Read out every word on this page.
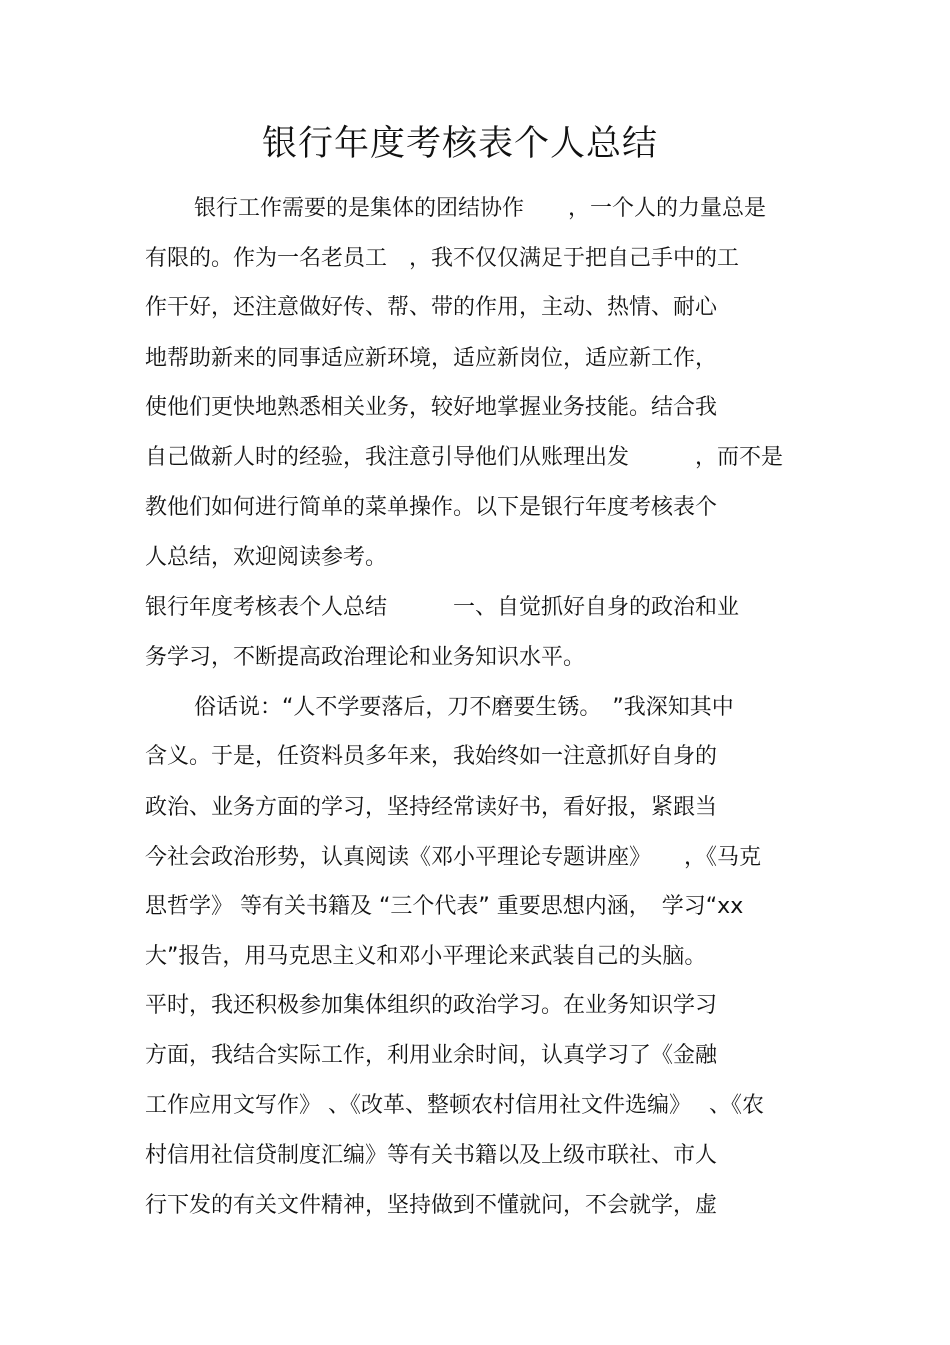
银行年度考核表个人总结
银行工作需要的是集体的团结协作　　，一个人的力量总是
有限的。作为一名老员工　，我不仅仅满足于把自己手中的工
作干好，还注意做好传、帮、带的作用，主动、热情、耐心
地帮助新来的同事适应新环境，适应新岗位，适应新工作，
使他们更快地熟悉相关业务，较好地掌握业务技能。结合我
自己做新人时的经验，我注意引导他们从账理出发　　　，而不是
教他们如何进行简单的菜单操作。以下是银行年度考核表个
人总结，欢迎阅读参考。
银行年度考核表个人总结　　　一、自觉抓好自身的政治和业
务学习，不断提高政治理论和业务知识水平。
俗话说：“人不学要落后，刀不磨要生锈。　”我深知其中
含义。于是，任资料员多年来，我始终如一注意抓好自身的
政治、业务方面的学习，坚持经常读好书，看好报，紧跟当
今社会政治形势，认真阅读《邓小平理论专题讲座》　　，《马克
思哲学》 等有关书籍及 “三个代表” 重要思想内涵，　学习“xx
大”报告，用马克思主义和邓小平理论来武装自己的头脑。
平时，我还积极参加集体组织的政治学习。在业务知识学习
方面，我结合实际工作，利用业余时间，认真学习了《金融
工作应用文写作》 、《改革、整顿农村信用社文件选编》　 、《农
村信用社信贷制度汇编》等有关书籍以及上级市联社、市人
行下发的有关文件精神，坚持做到不懂就问，不会就学，虚
